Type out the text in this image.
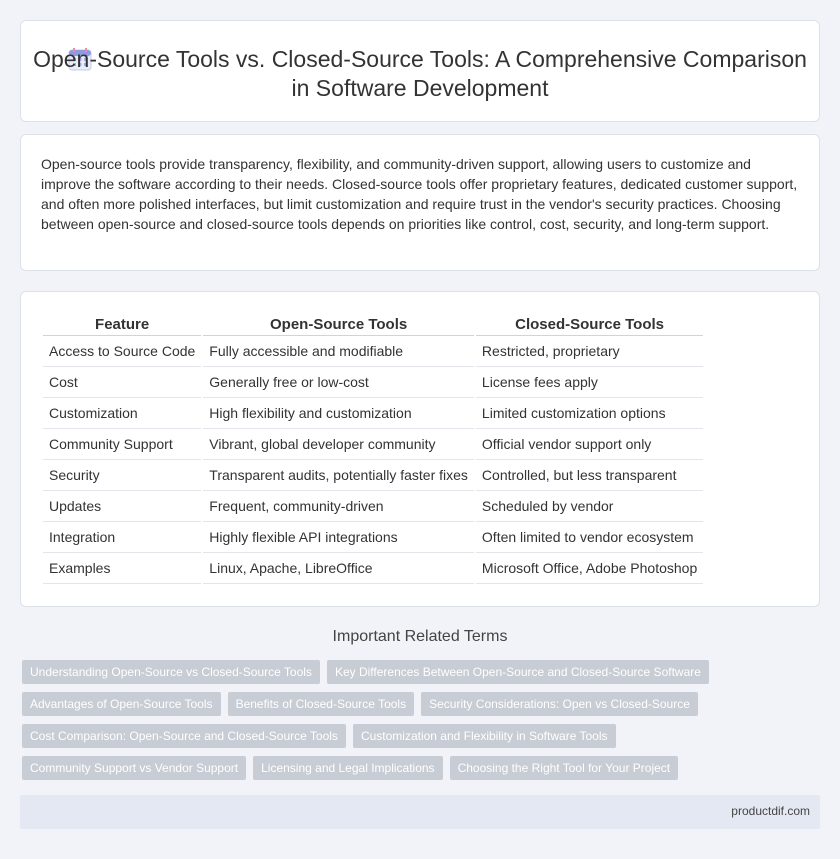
Open-Source Tools vs. Closed-Source Tools: A Comprehensive Comparison in Software Development

Open-source tools provide transparency, flexibility, and community-driven support, allowing users to customize and improve the software according to their needs. Closed-source tools offer proprietary features, dedicated customer support, and often more polished interfaces, but limit customization and require trust in the vendor's security practices. Choosing between open-source and closed-source tools depends on priorities like control, cost, security, and long-term support.

Feature	Open-Source Tools	Closed-Source Tools
Access to Source Code	Fully accessible and modifiable	Restricted, proprietary
Cost	Generally free or low-cost	License fees apply
Customization	High flexibility and customization	Limited customization options
Community Support	Vibrant, global developer community	Official vendor support only
Security	Transparent audits, potentially faster fixes	Controlled, but less transparent
Updates	Frequent, community-driven	Scheduled by vendor
Integration	Highly flexible API integrations	Often limited to vendor ecosystem
Examples	Linux, Apache, LibreOffice	Microsoft Office, Adobe Photoshop
Important Related Terms
Understanding Open-Source vs Closed-Source Tools	Key Differences Between Open-Source and Closed-Source Software
Advantages of Open-Source Tools	Benefits of Closed-Source Tools	Security Considerations: Open vs Closed-Source
Cost Comparison: Open-Source and Closed-Source Tools	Customization and Flexibility in Software Tools
Community Support vs Vendor Support	Licensing and Legal Implications	Choosing the Right Tool for Your Project
productdif.com
